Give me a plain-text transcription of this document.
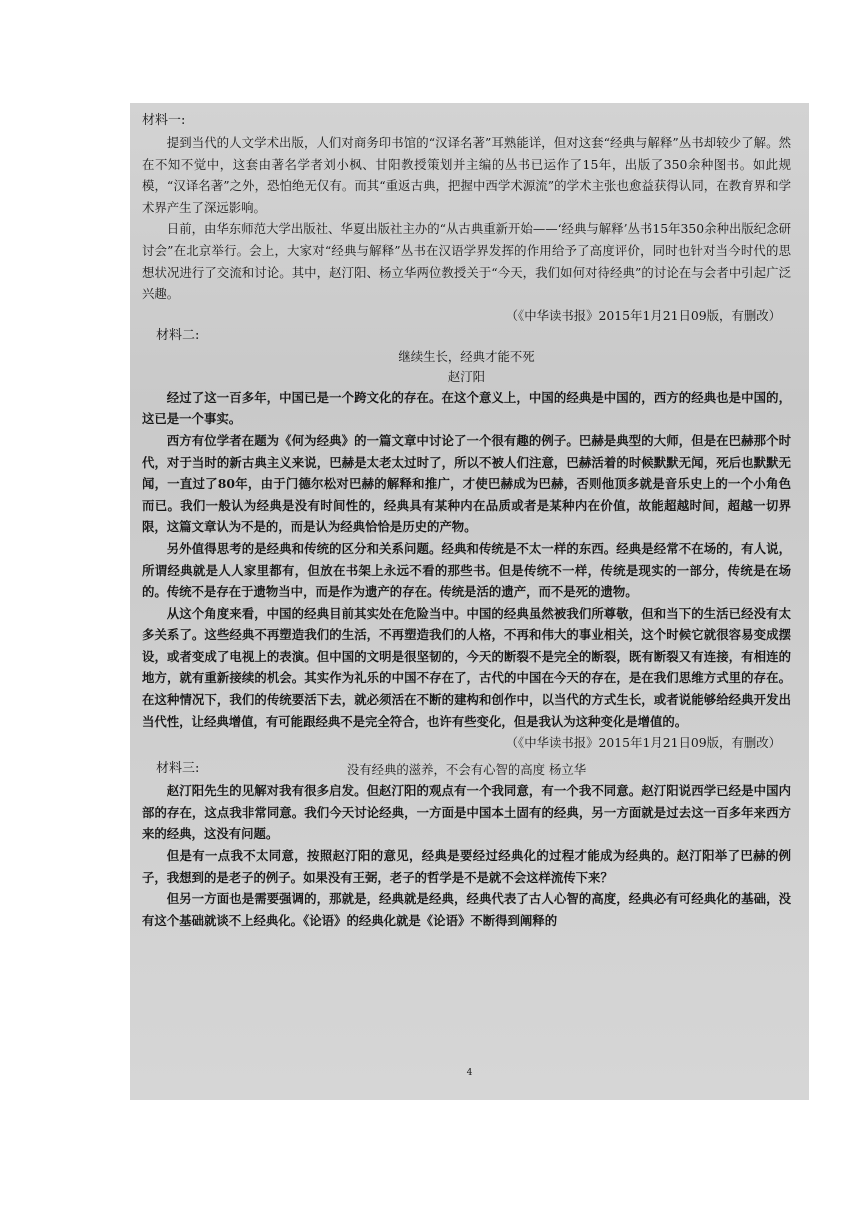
材料一:

提到当代的人文学术出版，人们对商务印书馆的“汉译名著”耳熟能详，但对这套“经典与解释”丛书却较少了解。然在不知不觉中，这套由著名学者刘小枫、甘阳教授策划并主编的丛书已运作了15年，出版了350余种图书。如此规模，“汉译名著”之外，恐怕绝无仅有。而其“重返古典，把握中西学术源流”的学术主张也愈益获得认同，在教育界和学术界产生了深远影响。

日前，由华东师范大学出版社、华夏出版社主办的“从古典重新开始——‘经典与解释’丛书15年350余种出版纪念研讨会”在北京举行。会上，大家对“经典与解释”丛书在汉语学界发挥的作用给予了高度评价，同时也针对当今时代的思想状况进行了交流和讨论。其中，赵汀阳、杨立华两位教授关于“今天，我们如何对待经典”的讨论在与会者中引起广泛兴趣。

（《中华读书报》2015年1月21日09版，有删改）

材料二:

继续生长，经典才能不死

赵汀阳

经过了这一百多年，中国已是一个跨文化的存在。在这个意义上，中国的经典是中国的，西方的经典也是中国的，这已是一个事实。

西方有位学者在题为《何为经典》的一篇文章中讨论了一个很有趣的例子。巴赫是典型的大师，但是在巴赫那个时代，对于当时的新古典主义来说，巴赫是太老太过时了，所以不被人们注意，巴赫活着的时候默默无闻，死后也默默无闻，一直过了80年，由于门德尔松对巴赫的解释和推广，才使巴赫成为巴赫，否则他顶多就是音乐史上的一个小角色而已。我们一般认为经典是没有时间性的，经典具有某种内在品质或者是某种内在价值，故能超越时间，超越一切界限，这篇文章认为不是的，而是认为经典恰恰是历史的产物。

另外值得思考的是经典和传统的区分和关系问题。经典和传统是不太一样的东西。经典是经常不在场的，有人说，所谓经典就是人人家里都有，但放在书架上永远不看的那些书。但是传统不一样，传统是现实的一部分，传统是在场的。传统不是存在于遗物当中，而是作为遗产的存在。传统是活的遗产，而不是死的遗物。

从这个角度来看，中国的经典目前其实处在危险当中。中国的经典虽然被我们所尊敬，但和当下的生活已经没有太多关系了。这些经典不再塑造我们的生活，不再塑造我们的人格，不再和伟大的事业相关，这个时候它就很容易变成摆设，或者变成了电视上的表演。但中国的文明是很坚韧的，今天的断裂不是完全的断裂，既有断裂又有连接，有相连的地方，就有重新接续的机会。其实作为礼乐的中国不存在了，古代的中国在今天的存在，是在我们思维方式里的存在。在这种情况下，我们的传统要活下去，就必须活在不断的建构和创作中，以当代的方式生长，或者说能够给经典开发出当代性，让经典增值，有可能跟经典不是完全符合，也许有些变化，但是我认为这种变化是增值的。

（《中华读书报》2015年1月21日09版，有删改）

材料三:	没有经典的滋养，不会有心智的高度 杨立华

赵汀阳先生的见解对我有很多启发。但赵汀阳的观点有一个我同意，有一个我不同意。赵汀阳说西学已经是中国内部的存在，这点我非常同意。我们今天讨论经典，一方面是中国本土固有的经典，另一方面就是过去这一百多年来西方来的经典，这没有问题。

但是有一点我不太同意，按照赵汀阳的意见，经典是要经过经典化的过程才能成为经典的。赵汀阳举了巴赫的例子，我想到的是老子的例子。如果没有王弼，老子的哲学是不是就不会这样流传下来？

但另一方面也是需要强调的，那就是，经典就是经典，经典代表了古人心智的高度，经典必有可经典化的基础，没有这个基础就谈不上经典化。《论语》的经典化就是《论语》不断得到阐释的

4
